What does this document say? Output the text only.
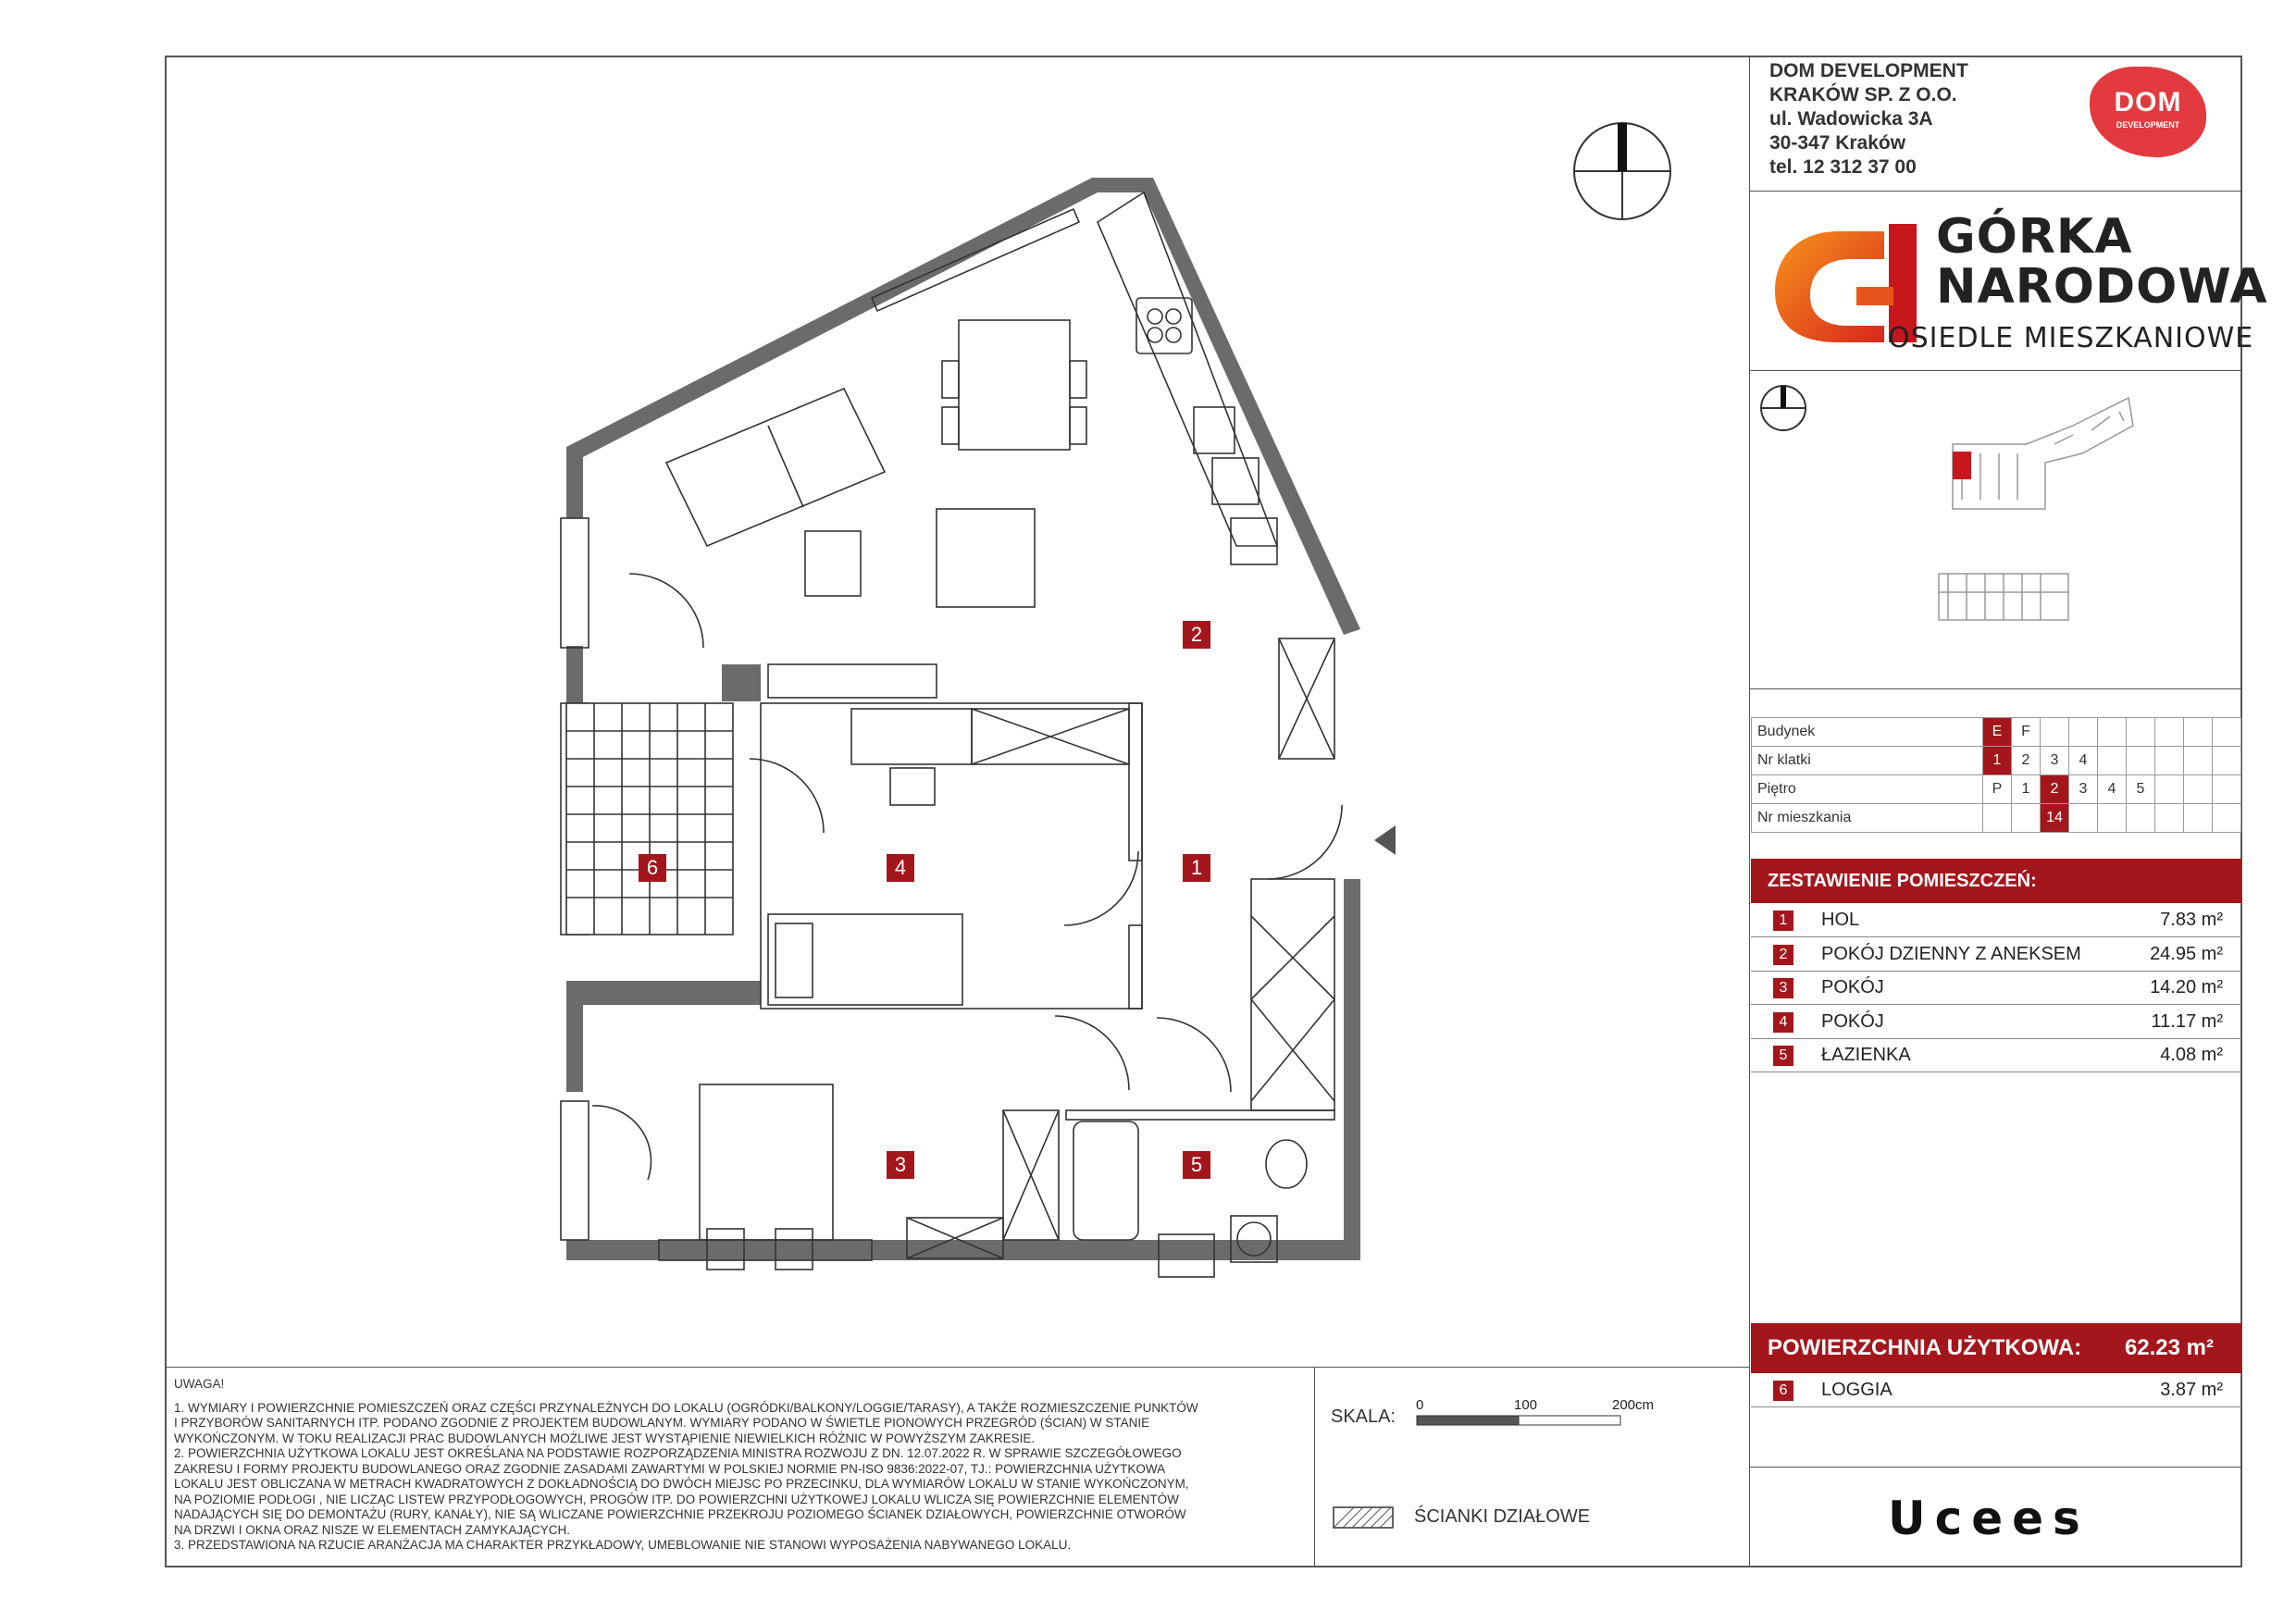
DOM DEVELOPMENT
KRAKÓW SP. Z O.O.
ul. Wadowicka 3A
30-347 Kraków
tel. 12 312 37 00
DOM
DEVELOPMENT
GÓRKA
NARODOWA
OSIEDLE MIESZKANIOWE
Budynek	E	F							
Nr klatki	1	2	3	4					
Piętro	P	1	2	3	4	5			
Nr mieszkania			14						
ZESTAWIENIE POMIESZCZEŃ:
1	HOL	7.83 m²
2	POKÓJ DZIENNY Z ANEKSEM	24.95 m²
3	POKÓJ	14.20 m²
4	POKÓJ	11.17 m²
5	ŁAZIENKA	4.08 m²
POWIERZCHNIA UŻYTKOWA: 62.23 m²
6	LOGGIA	3.87 m²
UWAGA!
1. WYMIARY I POWIERZCHNIE POMIESZCZEŃ ORAZ CZĘŚCI PRZYNALEŻNYCH DO LOKALU (OGRÓDKI/BALKONY/LOGGIE/TARASY), A TAKŻE ROZMIESZCZENIE PUNKTÓW
I PRZYBORÓW SANITARNYCH ITP. PODANO ZGODNIE Z PROJEKTEM BUDOWLANYM. WYMIARY PODANO W ŚWIETLE PIONOWYCH PRZEGRÓD (ŚCIAN) W STANIE
WYKOŃCZONYM. W TOKU REALIZACJI PRAC BUDOWLANYCH MOŻLIWE JEST WYSTĄPIENIE NIEWIELKICH RÓŻNIC W POWYŻSZYM ZAKRESIE.
2. POWIERZCHNIA UŻYTKOWA LOKALU JEST OKREŚLANA NA PODSTAWIE ROZPORZĄDZENIA MINISTRA ROZWOJU Z DN. 12.07.2022 R. W SPRAWIE SZCZEGÓŁOWEGO
ZAKRESU I FORMY PROJEKTU BUDOWLANEGO ORAZ ZGODNIE ZASADAMI ZAWARTYMI W POLSKIEJ NORMIE PN-ISO 9836:2022-07, TJ.: POWIERZCHNIA UŻYTKOWA
LOKALU JEST OBLICZANA W METRACH KWADRATOWYCH Z DOKŁADNOŚCIĄ DO DWÓCH MIEJSC PO PRZECINKU, DLA WYMIARÓW LOKALU W STANIE WYKOŃCZONYM,
NA POZIOMIE PODŁOGI , NIE LICZĄC LISTEW PRZYPODŁOGOWYCH, PROGÓW ITP. DO POWIERZCHNI UŻYTKOWEJ LOKALU WLICZA SIĘ POWIERZCHNIE ELEMENTÓW
NADAJĄCYCH SIĘ DO DEMONTAŻU (RURY, KANAŁY), NIE SĄ WLICZANE POWIERZCHNIE PRZEKROJU POZIOMEGO ŚCIANEK DZIAŁOWYCH, POWIERZCHNIE OTWORÓW
NA DRZWI I OKNA ORAZ NISZE W ELEMENTACH ZAMYKAJĄCYCH.
3. PRZEDSTAWIONA NA RZUCIE ARANŻACJA MA CHARAKTER PRZYKŁADOWY, UMEBLOWANIE NIE STANOWI WYPOSAŻENIA NABYWANEGO LOKALU.
SKALA:
0	100	200cm
ŚCIANKI DZIAŁOWE	Ucees
1
2
3
4
5
6
